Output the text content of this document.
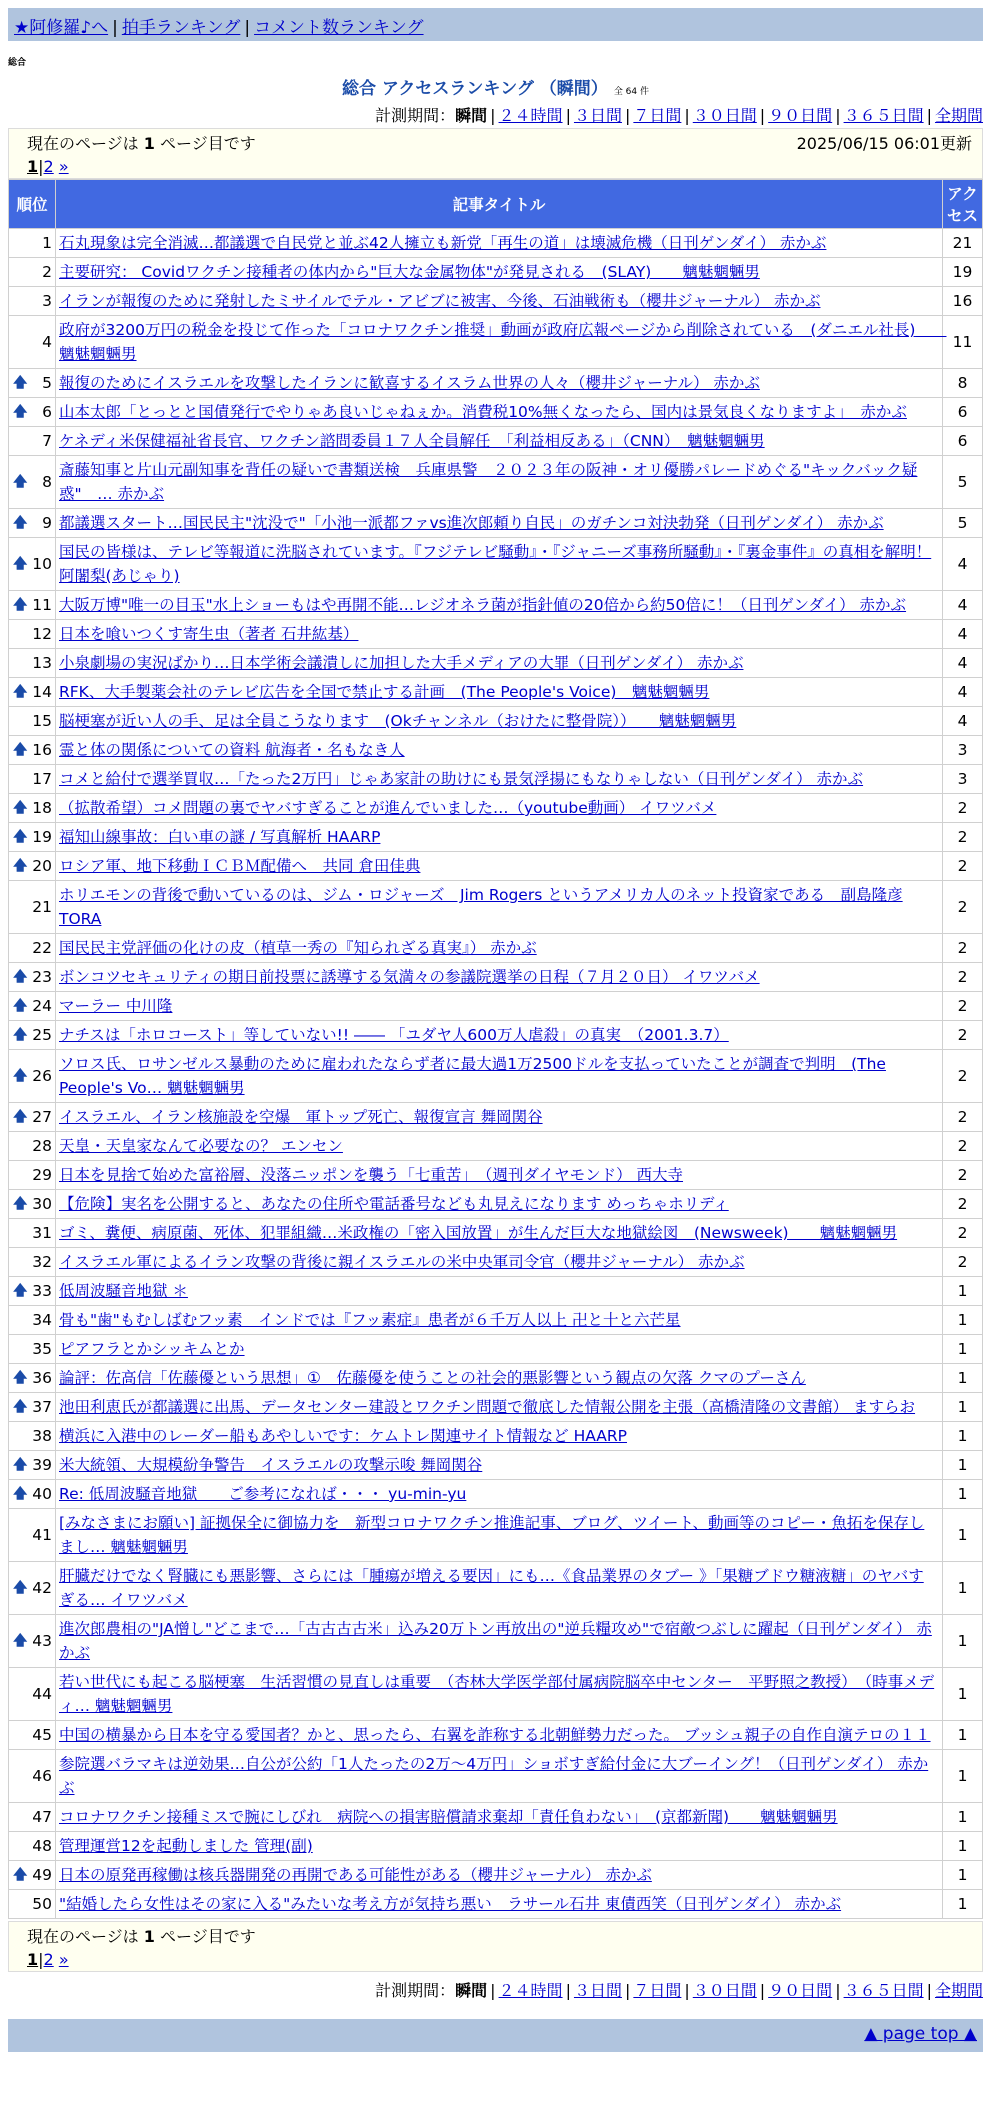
★阿修羅♪へ | 拍手ランキング | コメント数ランキング
総合
総合 アクセスランキング （瞬間） 全 64 件
計測期間：瞬間 | ２４時間 | ３日間 | ７日間 | ３０日間 | ９０日間 | ３６５日間 | 全期間
現在のページは 1 ページ目です	2025/06/15 06:01更新
1|2 »
順位	記事タイトル	アクセス
1	石丸現象は完全消滅…都議選で自民党と並ぶ42人擁立も新党「再生の道」は壊滅危機（日刊ゲンダイ） 赤かぶ	21
2	主要研究： Covidワクチン接種者の体内から"巨大な金属物体"が発見される　(SLAY)　　魑魅魍魎男	19
3	イランが報復のために発射したミサイルでテル・アビブに被害、今後、石油戦術も（櫻井ジャーナル） 赤かぶ	16
4	政府が3200万円の税金を投じて作った「コロナワクチン推奨」動画が政府広報ページから削除されている　(ダニエル社長)　　魑魅魍魎男	11

🡅 5	報復のためにイスラエルを攻撃したイランに歓喜するイスラム世界の人々（櫻井ジャーナル） 赤かぶ	8

🡅 6	山本太郎「とっとと国債発行でやりゃあ良いじゃねぇか。消費税10%無くなったら、国内は景気良くなりますよ」　赤かぶ	6
7	ケネディ米保健福祉省長官、ワクチン諮問委員１７人全員解任　「利益相反ある」（CNN）　魑魅魍魎男	6

🡅 8	斎藤知事と片山元副知事を背任の疑いで書類送検　兵庫県警　２０２３年の阪神・オリ優勝パレードめぐる"キックバック疑惑"　… 赤かぶ	5

🡅 9	都議選スタート…国民民主"沈没で"「小池一派都ファvs進次郎頼り自民」のガチンコ対決勃発（日刊ゲンダイ） 赤かぶ	5

🡅 10	国民の皆様は、テレビ等報道に洗脳されています。『フジテレビ騒動』・『ジャニーズ事務所騒動』・『裏金事件』の真相を解明！ 阿闍梨(あじゃり)	4

🡅 11	大阪万博"唯一の目玉"水上ショーもはや再開不能…レジオネラ菌が指針値の20倍から約50倍に！（日刊ゲンダイ） 赤かぶ	4
12	日本を喰いつくす寄生虫（著者 石井紘基）	4
13	小泉劇場の実況ばかり…日本学術会議潰しに加担した大手メディアの大罪（日刊ゲンダイ） 赤かぶ	4

🡅 14	RFK、大手製薬会社のテレビ広告を全国で禁止する計画　(The People's Voice)　魑魅魍魎男	4
15	脳梗塞が近い人の手、足は全員こうなります　(Okチャンネル（おけたに整骨院））　　魑魅魍魎男	4

🡅 16	霊と体の関係についての資料 航海者・名もなき人	3
17	コメと給付で選挙買収…「たった2万円」じゃあ家計の助けにも景気浮揚にもなりゃしない（日刊ゲンダイ） 赤かぶ	3

🡅 18	（拡散希望）コメ問題の裏でヤバすぎることが進んでいました…（youtube動画） イワツバメ	2

🡅 19	福知山線事故：白い車の謎 / 写真解析 HAARP	2

🡅 20	ロシア軍、地下移動ＩＣＢＭ配備へ　共同 倉田佳典	2
21	ホリエモンの背後で動いているのは、ジム・ロジャーズ　Jim Rogers というアメリカ人のネット投資家である　副島隆彦 TORA	2
22	国民民主党評価の化けの皮（植草一秀の『知られざる真実』） 赤かぶ	2

🡅 23	ボンコツセキュリティの期日前投票に誘導する気満々の参議院選挙の日程（７月２０日） イワツバメ	2

🡅 24	マーラー 中川隆	2

🡅 25	ナチスは「ホロコースト」等していない!! ―― 「ユダヤ人600万人虐殺」の真実　（2001.3.7）	2

🡅 26	ソロス氏、ロサンゼルス暴動のために雇われたならず者に最大過1万2500ドルを支払っていたことが調査で判明　(The People's Vo… 魑魅魍魎男	2

🡅 27	イスラエル、イラン核施設を空爆　軍トップ死亡、報復宣言 舞岡関谷	2
28	天皇・天皇家なんて必要なの？ エンセン	2
29	日本を見捨て始めた富裕層、没落ニッポンを襲う「七重苦」　（週刊ダイヤモンド） 西大寺	2

🡅 30	【危険】実名を公開すると、あなたの住所や電話番号なども丸見えになります めっちゃホリディ	2
31	ゴミ、糞便、病原菌、死体、犯罪組織…米政権の「密入国放置」が生んだ巨大な地獄絵図　(Newsweek)　　魑魅魍魎男	2
32	イスラエル軍によるイラン攻撃の背後に親イスラエルの米中央軍司令官（櫻井ジャーナル） 赤かぶ	2

🡅 33	低周波騒音地獄 ＊	1
34	骨も"歯"もむしばむフッ素　インドでは『フッ素症』患者が６千万人以上 卍と十と六芒星	1
35	ピアフラとかシッキムとか	1

🡅 36	論評：佐高信「佐藤優という思想」①　佐藤優を使うことの社会的悪影響という観点の欠落 クマのプーさん	1

🡅 37	池田利恵氏が都議選に出馬、データセンター建設とワクチン問題で徹底した情報公開を主張（高橋清隆の文書館） ますらお	1
38	横浜に入港中のレーダー船もあやしいです：ケムトレ関連サイト情報など HAARP	1

🡅 39	米大統領、大規模紛争警告　イスラエルの攻撃示唆 舞岡関谷	1

🡅 40	Re: 低周波騒音地獄　　ご参考になれば・・・ yu-min-yu	1
41	[みなさまにお願い] 証拠保全に御協力を　新型コロナワクチン推進記事、ブログ、ツイート、動画等のコピー・魚拓を保存しまし… 魑魅魍魎男	1

🡅 42	肝臓だけでなく腎臓にも悪影響、さらには「腫瘍が増える要因」にも…《食品業界のタブー 》「果糖ブドウ糖液糖」のヤバすぎる… イワツバメ	1

🡅 43	進次郎農相の"JA憎し"どこまで…「古古古古米」込み20万トン再放出の"逆兵糧攻め"で宿敵つぶしに躍起（日刊ゲンダイ） 赤かぶ	1
44	若い世代にも起こる脳梗塞　生活習慣の見直しは重要　（杏林大学医学部付属病院脳卒中センター　平野照之教授）　（時事メディ… 魑魅魍魎男	1
45	中国の横暴から日本を守る愛国者？かと、思ったら、右翼を詐称する北朝鮮勢力だった。 ブッシュ親子の自作自演テロの１１	1
46	参院選バラマキは逆効果…自公が公約「1人たったの2万〜4万円」ショボすぎ給付金に大ブーイング！（日刊ゲンダイ） 赤かぶ	1
47	コロナワクチン接種ミスで腕にしびれ　病院への損害賠償請求棄却「責任負わない」　(京都新聞)　　魑魅魍魎男	1
48	管理運営12を起動しました 管理(副)	1

🡅 49	日本の原発再稼働は核兵器開発の再開である可能性がある（櫻井ジャーナル） 赤かぶ	1
50	"結婚したら女性はその家に入る"みたいな考え方が気持ち悪い　ラサール石井 東債西笑（日刊ゲンダイ） 赤かぶ	1
現在のページは 1 ページ目です
1|2 »
計測期間：瞬間 | ２４時間 | ３日間 | ７日間 | ３０日間 | ９０日間 | ３６５日間 | 全期間
▲ page top ▲
